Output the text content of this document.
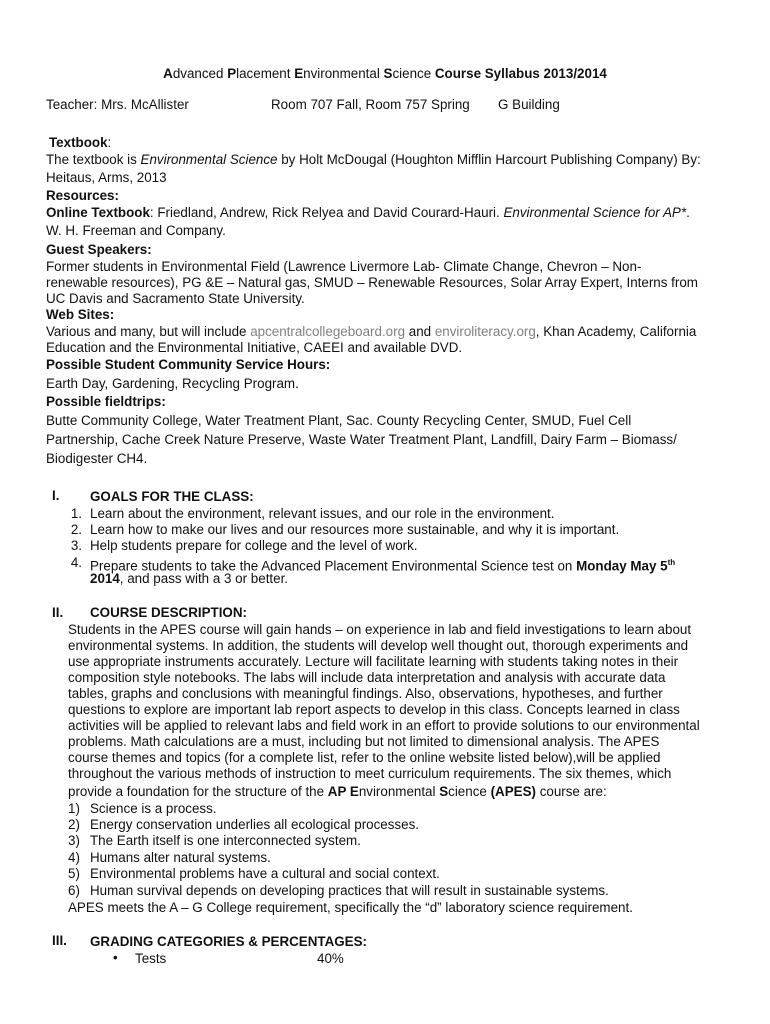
Advanced Placement Environmental Science Course Syllabus 2013/2014
Teacher: Mrs. McAllister	Room 707 Fall, Room 757 Spring G Building
Textbook:
The textbook is Environmental Science by Holt McDougal (Houghton Mifflin Harcourt Publishing Company) By:
Heitaus, Arms, 2013
Resources:
Online Textbook: Friedland, Andrew, Rick Relyea and David Courard-Hauri. Environmental Science for AP*.
W. H. Freeman and Company.
Guest Speakers:
Former students in Environmental Field (Lawrence Livermore Lab- Climate Change, Chevron – Non-
renewable resources), PG &E – Natural gas, SMUD – Renewable Resources, Solar Array Expert, Interns from
UC Davis and Sacramento State University.
Web Sites:
Various and many, but will include apcentralcollegeboard.org and enviroliteracy.org, Khan Academy, California
Education and the Environmental Initiative, CAEEI and available DVD.
Possible Student Community Service Hours:
Earth Day, Gardening, Recycling Program.
Possible fieldtrips:
Butte Community College, Water Treatment Plant, Sac. County Recycling Center, SMUD, Fuel Cell
Partnership, Cache Creek Nature Preserve, Waste Water Treatment Plant, Landfill, Dairy Farm – Biomass/
Biodigester CH4.
I. GOALS FOR THE CLASS:
1. Learn about the environment, relevant issues, and our role in the environment.
2. Learn how to make our lives and our resources more sustainable, and why it is important.
3. Help students prepare for college and the level of work.
4. Prepare students to take the Advanced Placement Environmental Science test on Monday May 5th
2014, and pass with a 3 or better.
II. COURSE DESCRIPTION:
Students in the APES course will gain hands – on experience in lab and field investigations to learn about
environmental systems. In addition, the students will develop well thought out, thorough experiments and
use appropriate instruments accurately. Lecture will facilitate learning with students taking notes in their
composition style notebooks. The labs will include data interpretation and analysis with accurate data
tables, graphs and conclusions with meaningful findings. Also, observations, hypotheses, and further
questions to explore are important lab report aspects to develop in this class. Concepts learned in class
activities will be applied to relevant labs and field work in an effort to provide solutions to our environmental
problems. Math calculations are a must, including but not limited to dimensional analysis. The APES
course themes and topics (for a complete list, refer to the online website listed below),will be applied
throughout the various methods of instruction to meet curriculum requirements. The six themes, which
provide a foundation for the structure of the AP Environmental Science (APES) course are:
1) Science is a process.
2) Energy conservation underlies all ecological processes.
3) The Earth itself is one interconnected system.
4) Humans alter natural systems.
5) Environmental problems have a cultural and social context.
6) Human survival depends on developing practices that will result in sustainable systems.
APES meets the A – G College requirement, specifically the “d” laboratory science requirement.
III. GRADING CATEGORIES & PERCENTAGES:
• Tests	40%
